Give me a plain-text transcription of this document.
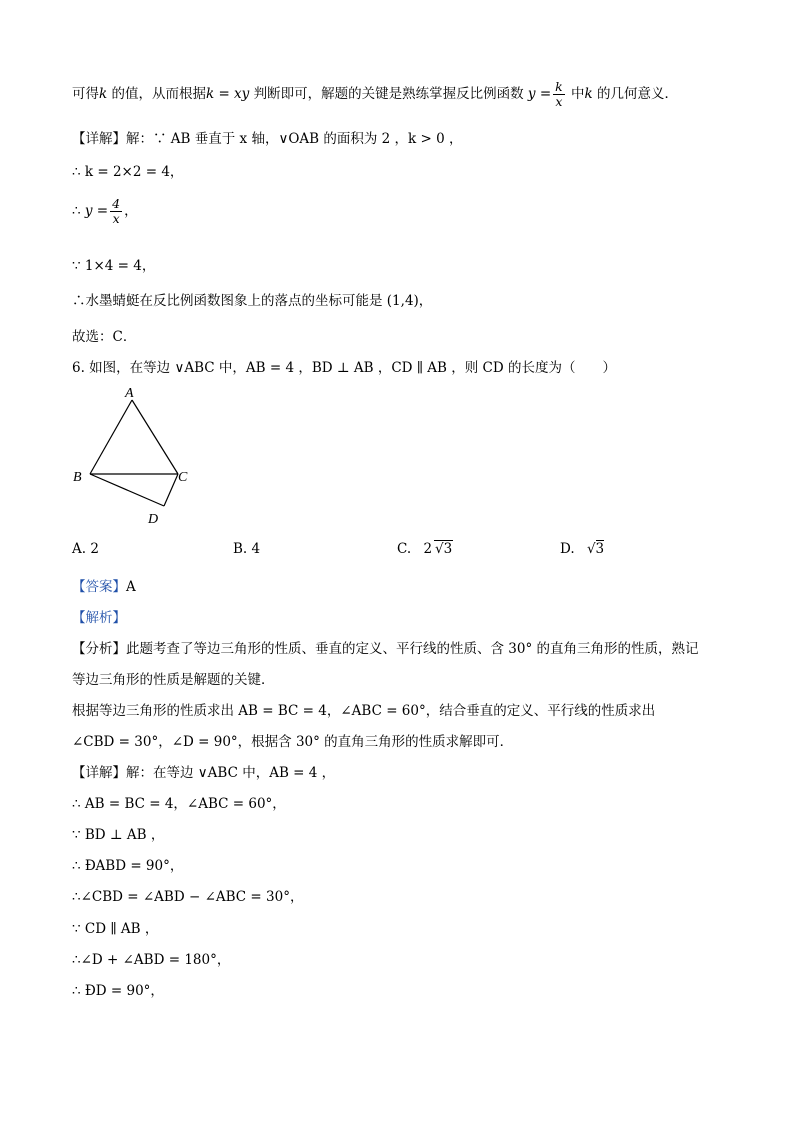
可得k 的值，从而根据k = xy 判断即可，解题的关键是熟练掌握反比例函数 $y = \frac{k}{x}$ 中k 的几何意义．
【详解】解：∵ AB 垂直于 x 轴，∨OAB 的面积为 2 ，k > 0 ，
∴ k = 2×2 = 4，
∴ $y = \frac{4}{x}$ ，
∵ 1×4 = 4，
∴水墨蜻蜓在反比例函数图象上的落点的坐标可能是 (1,4)，
故选：C．
6. 如图，在等边 ∨ABC 中，AB = 4 ，BD ⊥ AB ，CD ∥ AB ，则 CD 的长度为（　　）
A
B	C
D
A. 2	B. 4	C. 2 √3	D. √3
【答案】A
【解析】
【分析】此题考查了等边三角形的性质、垂直的定义、平行线的性质、含 30° 的直角三角形的性质，熟记
等边三角形的性质是解题的关键．
根据等边三角形的性质求出 AB = BC = 4，∠ABC = 60°，结合垂直的定义、平行线的性质求出
∠CBD = 30°，∠D = 90°，根据含 30° 的直角三角形的性质求解即可．
【详解】解：在等边 ∨ABC 中，AB = 4 ，
∴ AB = BC = 4，∠ABC = 60°，
∵ BD ⊥ AB ，
∴ ÐABD = 90°，
∴∠CBD = ∠ABD − ∠ABC = 30°，
∵ CD ∥ AB ，
∴∠D + ∠ABD = 180°，
∴ ÐD = 90°，
